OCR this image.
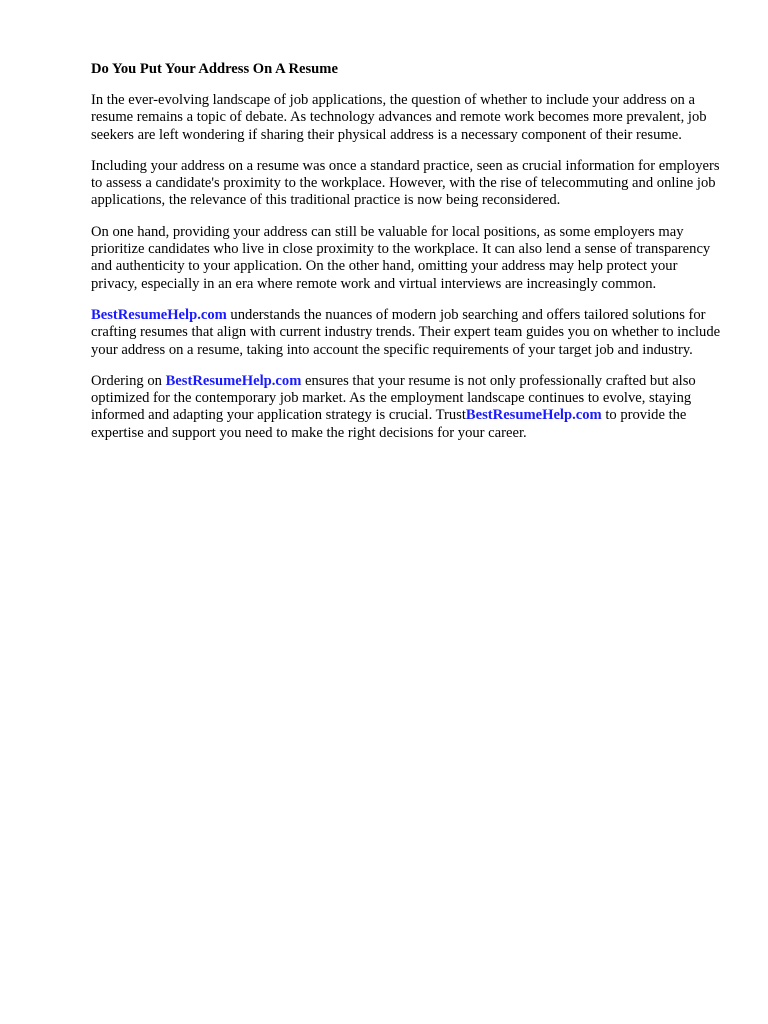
Do You Put Your Address On A Resume

In the ever-evolving landscape of job applications, the question of whether to include your address on a resume remains a topic of debate. As technology advances and remote work becomes more prevalent, job seekers are left wondering if sharing their physical address is a necessary component of their resume.

Including your address on a resume was once a standard practice, seen as crucial information for employers to assess a candidate's proximity to the workplace. However, with the rise of telecommuting and online job applications, the relevance of this traditional practice is now being reconsidered.

On one hand, providing your address can still be valuable for local positions, as some employers may prioritize candidates who live in close proximity to the workplace. It can also lend a sense of transparency and authenticity to your application. On the other hand, omitting your address may help protect your privacy, especially in an era where remote work and virtual interviews are increasingly common.

BestResumeHelp.com understands the nuances of modern job searching and offers tailored solutions for crafting resumes that align with current industry trends. Their expert team guides you on whether to include your address on a resume, taking into account the specific requirements of your target job and industry.

Ordering on BestResumeHelp.com ensures that your resume is not only professionally crafted but also optimized for the contemporary job market. As the employment landscape continues to evolve, staying informed and adapting your application strategy is crucial. TrustBestResumeHelp.com to provide the expertise and support you need to make the right decisions for your career.
